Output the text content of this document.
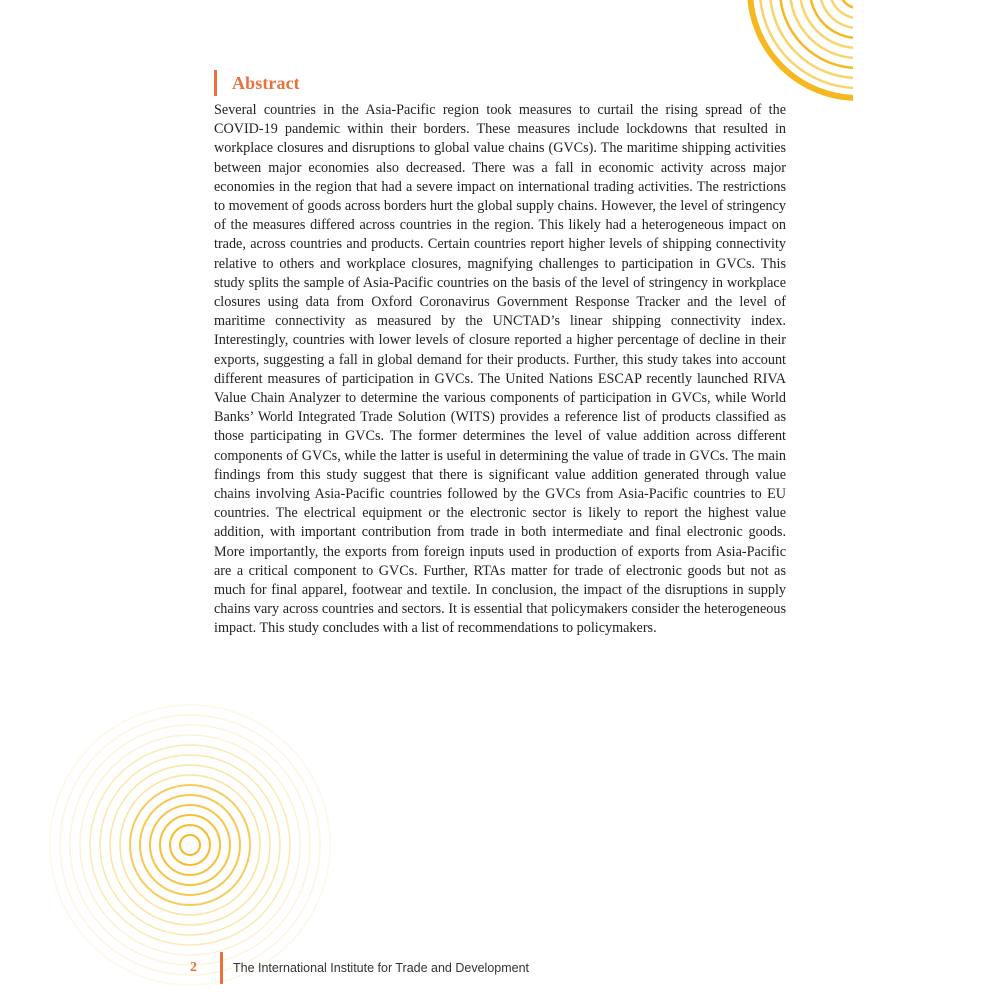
Abstract

Several countries in the Asia-Pacific region took measures to curtail the rising spread of the COVID-19 pandemic within their borders. These measures include lockdowns that resulted in workplace closures and disruptions to global value chains (GVCs). The maritime shipping activities between major economies also decreased. There was a fall in economic activity across major economies in the region that had a severe impact on international trading activities. The restrictions to movement of goods across borders hurt the global supply chains. However, the level of stringency of the measures differed across countries in the region. This likely had a heterogeneous impact on trade, across countries and products. Certain countries report higher levels of shipping connectivity relative to others and workplace closures, magnifying challenges to participation in GVCs. This study splits the sample of Asia-Pacific countries on the basis of the level of stringency in workplace closures using data from Oxford Coronavirus Government Response Tracker and the level of maritime connectivity as measured by the UNCTAD’s linear shipping connectivity index. Interestingly, countries with lower levels of closure reported a higher percentage of decline in their exports, suggesting a fall in global demand for their products. Further, this study takes into account different measures of participation in GVCs. The United Nations ESCAP recently launched RIVA Value Chain Analyzer to determine the various components of participation in GVCs, while World Banks’ World Integrated Trade Solution (WITS) provides a reference list of products classified as those participating in GVCs. The former determines the level of value addition across different components of GVCs, while the latter is useful in determining the value of trade in GVCs. The main findings from this study suggest that there is significant value addition generated through value chains involving Asia-Pacific countries followed by the GVCs from Asia-Pacific countries to EU countries. The electrical equipment or the electronic sector is likely to report the highest value addition, with important contribution from trade in both intermediate and final electronic goods. More importantly, the exports from foreign inputs used in production of exports from Asia-Pacific are a critical component to GVCs. Further, RTAs matter for trade of electronic goods but not as much for final apparel, footwear and textile. In conclusion, the impact of the disruptions in supply chains vary across countries and sectors. It is essential that policymakers consider the heterogeneous impact. This study concludes with a list of recommendations to policymakers.

2	The International Institute for Trade and Development
